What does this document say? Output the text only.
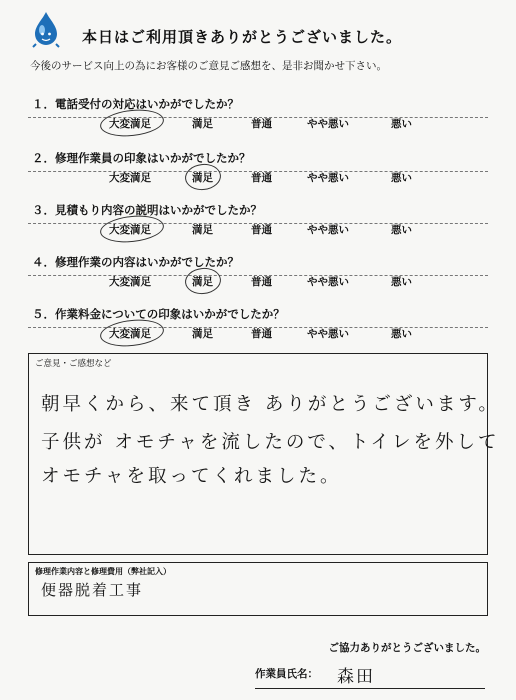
本日はご利用頂きありがとうございました。
今後のサービス向上の為にお客様のご意見ご感想を、是非お聞かせ下さい。
１．電話受付の対応はいかがでしたか？
大変満足	満足	普通	やや悪い	悪い
２．修理作業員の印象はいかがでしたか？
大変満足	満足	普通	やや悪い	悪い
３．見積もり内容の説明はいかがでしたか？
大変満足	満足	普通	やや悪い	悪い
４．修理作業の内容はいかがでしたか？
大変満足	満足	普通	やや悪い	悪い
５．作業料金についての印象はいかがでしたか？
大変満足	満足	普通	やや悪い	悪い
ご意見・ご感想など
朝早くから、来て頂き ありがとうございます。
子供が オモチャを流したので、トイレを外して
オモチャを取ってくれました。
修理作業内容と修理費用（弊社記入）
便器脱着工事
ご協力ありがとうございました。
作業員氏名： 森田
